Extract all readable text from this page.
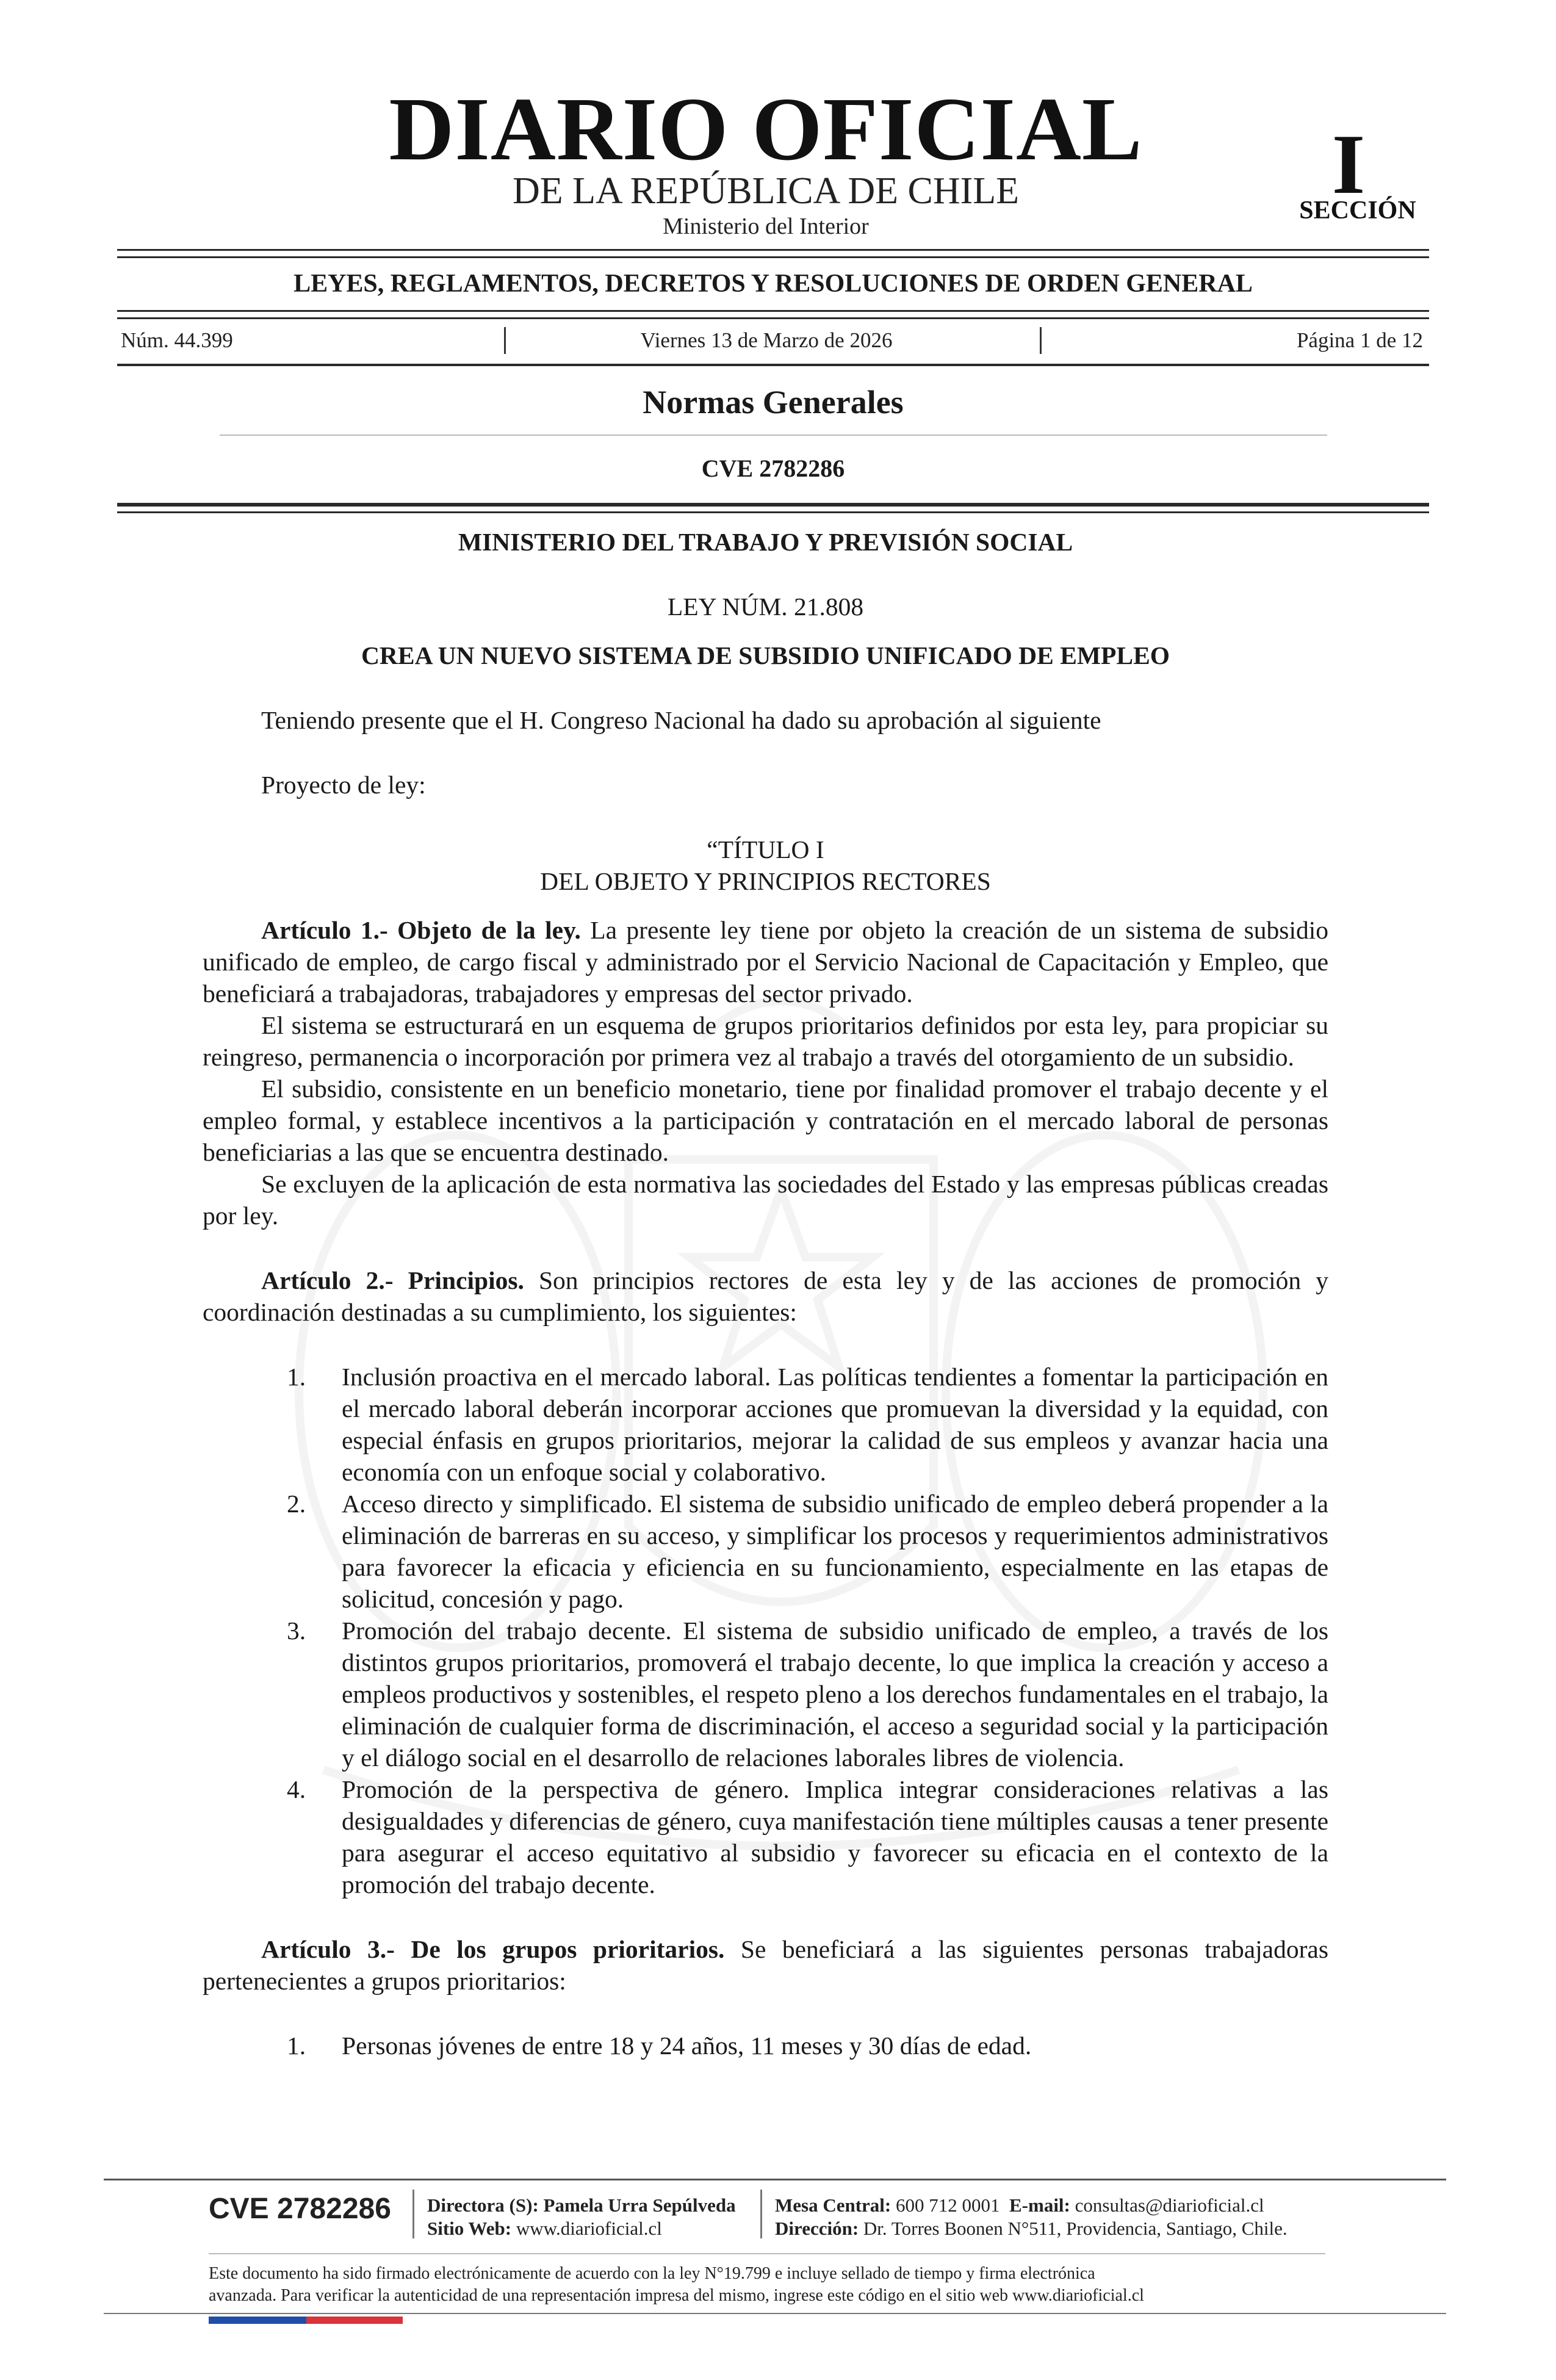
DIARIO OFICIAL
DE LA REPÚBLICA DE CHILE
Ministerio del Interior
I
SECCIÓN
LEYES, REGLAMENTOS, DECRETOS Y RESOLUCIONES DE ORDEN GENERAL
Núm. 44.399	Viernes 13 de Marzo de 2026	Página 1 de 12
Normas Generales
CVE 2782286
MINISTERIO DEL TRABAJO Y PREVISIÓN SOCIAL
LEY NÚM. 21.808
CREA UN NUEVO SISTEMA DE SUBSIDIO UNIFICADO DE EMPLEO
Teniendo presente que el H. Congreso Nacional ha dado su aprobación al siguiente
Proyecto de ley:
“TÍTULO I
DEL OBJETO Y PRINCIPIOS RECTORES
Artículo 1.- Objeto de la ley. La presente ley tiene por objeto la creación de un sistema de subsidio unificado de empleo, de cargo fiscal y administrado por el Servicio Nacional de Capacitación y Empleo, que beneficiará a trabajadoras, trabajadores y empresas del sector privado.
El sistema se estructurará en un esquema de grupos prioritarios definidos por esta ley, para propiciar su reingreso, permanencia o incorporación por primera vez al trabajo a través del otorgamiento de un subsidio.
El subsidio, consistente en un beneficio monetario, tiene por finalidad promover el trabajo decente y el empleo formal, y establece incentivos a la participación y contratación en el mercado laboral de personas beneficiarias a las que se encuentra destinado.
Se excluyen de la aplicación de esta normativa las sociedades del Estado y las empresas públicas creadas por ley.
Artículo 2.- Principios. Son principios rectores de esta ley y de las acciones de promoción y coordinación destinadas a su cumplimiento, los siguientes:
1.	Inclusión proactiva en el mercado laboral. Las políticas tendientes a fomentar la participación en el mercado laboral deberán incorporar acciones que promuevan la diversidad y la equidad, con especial énfasis en grupos prioritarios, mejorar la calidad de sus empleos y avanzar hacia una economía con un enfoque social y colaborativo.
2.	Acceso directo y simplificado. El sistema de subsidio unificado de empleo deberá propender a la eliminación de barreras en su acceso, y simplificar los procesos y requerimientos administrativos para favorecer la eficacia y eficiencia en su funcionamiento, especialmente en las etapas de solicitud, concesión y pago.
3.	Promoción del trabajo decente. El sistema de subsidio unificado de empleo, a través de los distintos grupos prioritarios, promoverá el trabajo decente, lo que implica la creación y acceso a empleos productivos y sostenibles, el respeto pleno a los derechos fundamentales en el trabajo, la eliminación de cualquier forma de discriminación, el acceso a seguridad social y la participación y el diálogo social en el desarrollo de relaciones laborales libres de violencia.
4.	Promoción de la perspectiva de género. Implica integrar consideraciones relativas a las desigualdades y diferencias de género, cuya manifestación tiene múltiples causas a tener presente para asegurar el acceso equitativo al subsidio y favorecer su eficacia en el contexto de la promoción del trabajo decente.
Artículo 3.- De los grupos prioritarios. Se beneficiará a las siguientes personas trabajadoras pertenecientes a grupos prioritarios:
1.	Personas jóvenes de entre 18 y 24 años, 11 meses y 30 días de edad.
CVE 2782286 Directora (S): Pamela Urra Sepúlveda
Sitio Web: www.diarioficial.cl
Mesa Central: 600 712 0001 E-mail: consultas@diarioficial.cl
Dirección: Dr. Torres Boonen N°511, Providencia, Santiago, Chile.
Este documento ha sido firmado electrónicamente de acuerdo con la ley N°19.799 e incluye sellado de tiempo y firma electrónica
avanzada. Para verificar la autenticidad de una representación impresa del mismo, ingrese este código en el sitio web www.diarioficial.cl
